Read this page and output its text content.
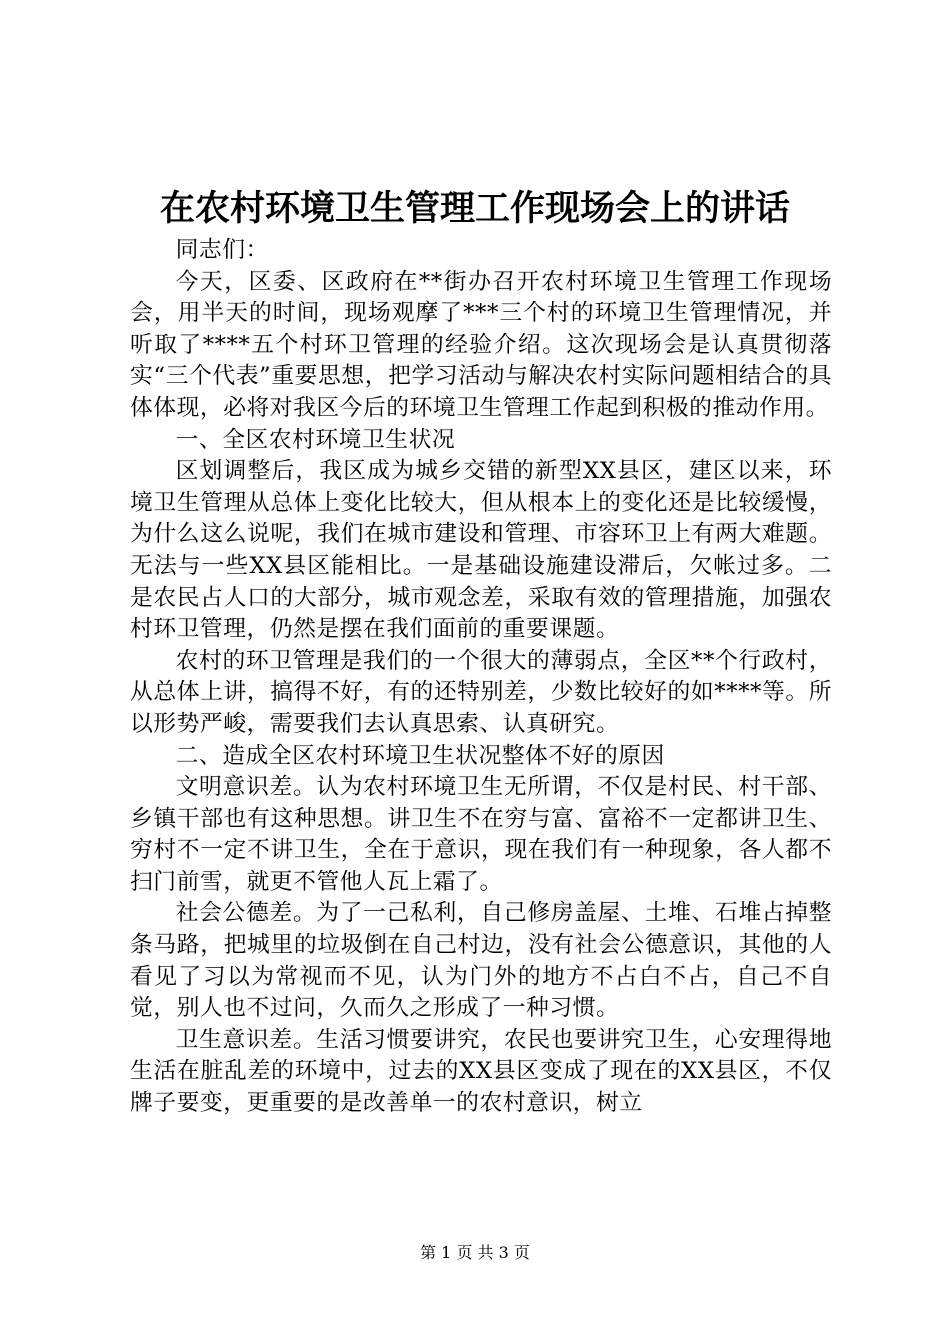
在农村环境卫生管理工作现场会上的讲话

同志们：

今天，区委、区政府在**街办召开农村环境卫生管理工作现场会，用半天的时间，现场观摩了***三个村的环境卫生管理情况，并听取了****五个村环卫管理的经验介绍。这次现场会是认真贯彻落实“三个代表”重要思想，把学习活动与解决农村实际问题相结合的具体体现，必将对我区今后的环境卫生管理工作起到积极的推动作用。

一、全区农村环境卫生状况

区划调整后，我区成为城乡交错的新型XX县区，建区以来，环境卫生管理从总体上变化比较大，但从根本上的变化还是比较缓慢，为什么这么说呢，我们在城市建设和管理、市容环卫上有两大难题。无法与一些XX县区能相比。一是基础设施建设滞后，欠帐过多。二是农民占人口的大部分，城市观念差，采取有效的管理措施，加强农村环卫管理，仍然是摆在我们面前的重要课题。

农村的环卫管理是我们的一个很大的薄弱点，全区**个行政村，从总体上讲，搞得不好，有的还特别差，少数比较好的如****等。所以形势严峻，需要我们去认真思索、认真研究。

二、造成全区农村环境卫生状况整体不好的原因

文明意识差。认为农村环境卫生无所谓，不仅是村民、村干部、乡镇干部也有这种思想。讲卫生不在穷与富、富裕不一定都讲卫生、穷村不一定不讲卫生，全在于意识，现在我们有一种现象，各人都不扫门前雪，就更不管他人瓦上霜了。

社会公德差。为了一己私利，自己修房盖屋、土堆、石堆占掉整条马路，把城里的垃圾倒在自己村边，没有社会公德意识，其他的人看见了习以为常视而不见，认为门外的地方不占白不占，自己不自觉，别人也不过问，久而久之形成了一种习惯。

卫生意识差。生活习惯要讲究，农民也要讲究卫生，心安理得地生活在脏乱差的环境中，过去的XX县区变成了现在的XX县区，不仅牌子要变，更重要的是改善单一的农村意识，树立

第 1 页 共 3 页
